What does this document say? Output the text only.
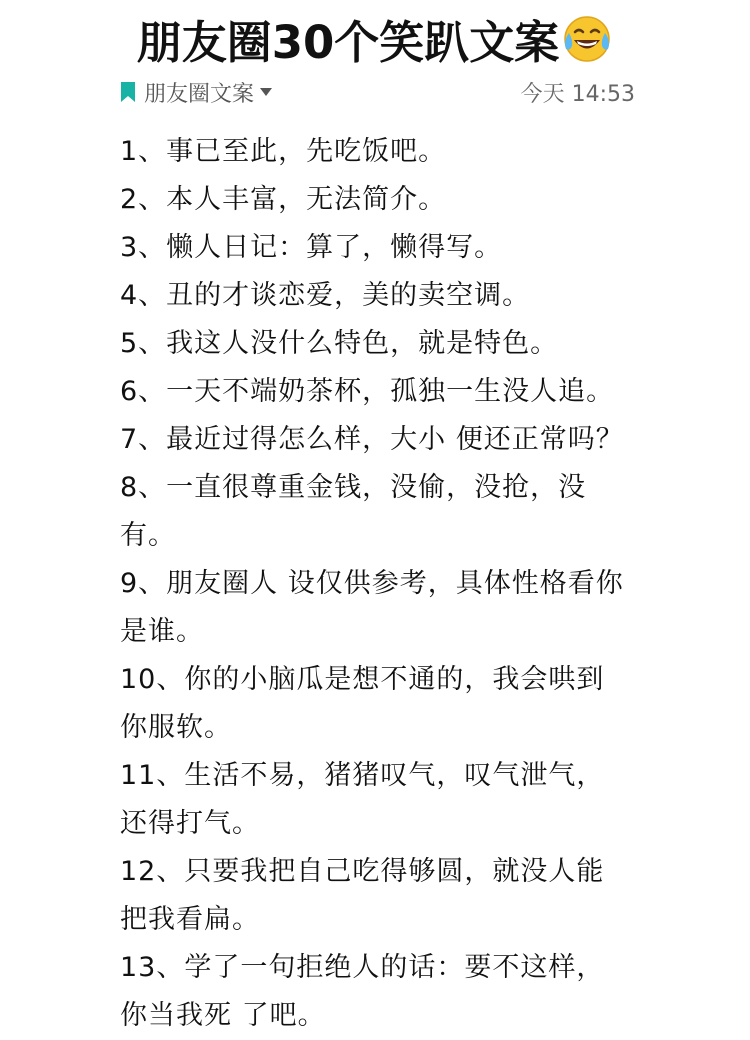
朋友圈30个笑趴文案
朋友圈文案	今天 14:53
1、事已至此，先吃饭吧。
2、本人丰富，无法简介。
3、懒人日记：算了，懒得写。
4、丑的才谈恋爱，美的卖空调。
5、我这人没什么特色，就是特色。
6、一天不端奶茶杯，孤独一生没人追。
7、最近过得怎么样，大小 便还正常吗？
8、一直很尊重金钱，没偷，没抢，没有。
9、朋友圈人 设仅供参考，具体性格看你是谁。
10、你的小脑瓜是想不通的，我会哄到你服软。
11、生活不易，猪猪叹气，叹气泄气，还得打气。
12、只要我把自己吃得够圆，就没人能把我看扁。
13、学了一句拒绝人的话：要不这样，你当我死 了吧。
